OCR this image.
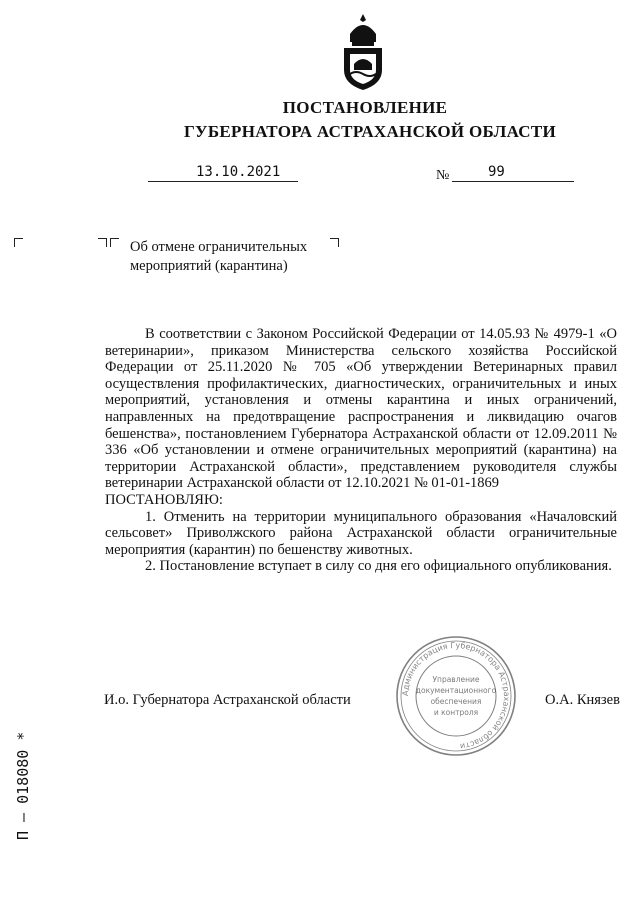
ПОСТАНОВЛЕНИЕ
ГУБЕРНАТОРА АСТРАХАНСКОЙ ОБЛАСТИ
13.10.2021	№	99
Об отмене ограничительных
мероприятий (карантина)

В соответствии с Законом Российской Федерации от 14.05.93 № 4979-1 «О ветеринарии», приказом Министерства сельского хозяйства Российской Федерации от 25.11.2020 № 705 «Об утверждении Ветеринарных правил осуществления профилактических, диагностических, ограничительных и иных мероприятий, установления и отмены карантина и иных ограничений, направленных на предотвращение распространения и ликвидацию очагов бешенства», постановлением Губернатора Астраханской области от 12.09.2011 № 336 «Об установлении и отмене ограничительных мероприятий (карантина) на территории Астраханской области», представлением руководителя службы ветеринарии Астраханской области от 12.10.2021 № 01-01-1869

ПОСТАНОВЛЯЮ:

1. Отменить на территории муниципального образования «Началовский сельсовет» Приволжского района Астраханской области ограничительные мероприятия (карантин) по бешенству животных.

2. Постановление вступает в силу со дня его официального опубликования.

И.о. Губернатора Астраханской области	О.А. Князев
Администрация Губернатора Астраханской области
Управление
документационного
обеспечения
и контроля
П – 018080 *
